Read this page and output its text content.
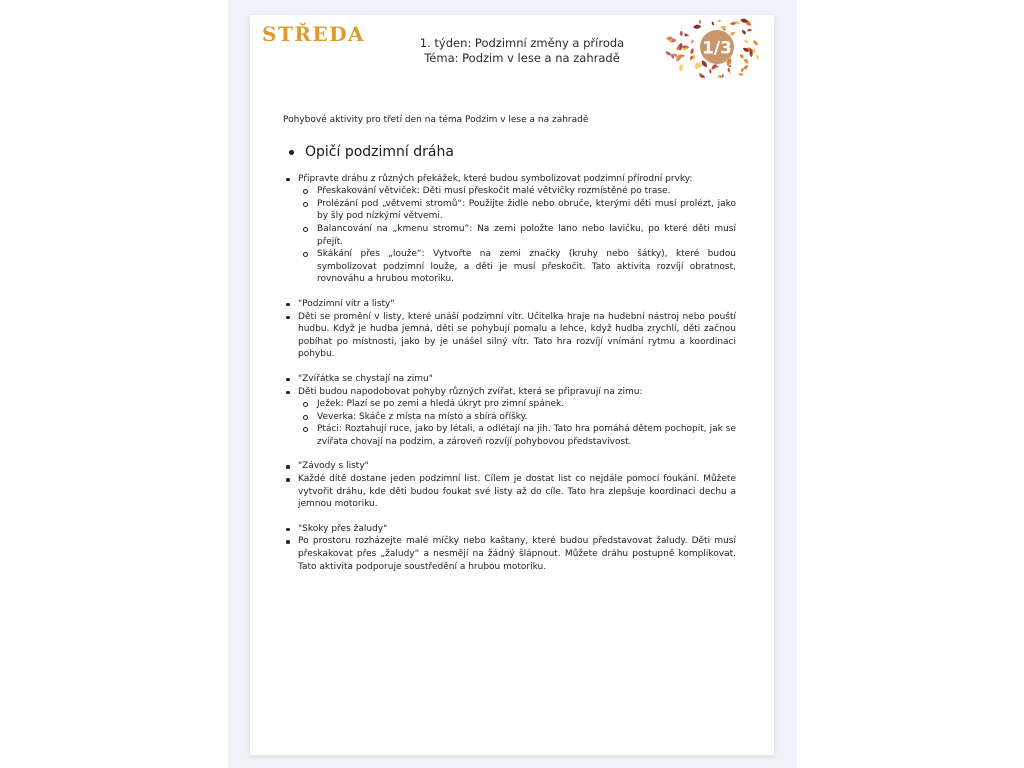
STŘEDA	1. týden: Podzimní změny a příroda
Téma: Podzim v lese a na zahradě	1/3

Pohybové aktivity pro třetí den na téma Podzim v lese a na zahradě

Opičí podzimní dráha
Připravte dráhu z různých překážek, které budou symbolizovat podzimní přírodní prvky:
Přeskakování větviček: Děti musí přeskočit malé větvičky rozmístěné po trase.
Prolézání pod „větvemi stromů“: Použijte židle nebo obruče, kterými děti musí prolézt, jako by šly pod nízkými větvemi.
Balancování na „kmenu stromu“: Na zemi položte lano nebo lavičku, po které děti musí přejít.
Skákání přes „louže“: Vytvořte na zemi značky (kruhy nebo šátky), které budou symbolizovat podzimní louže, a děti je musí přeskočit. Tato aktivita rozvíjí obratnost, rovnováhu a hrubou motoriku.
"Podzimní vítr a listy"
Děti se promění v listy, které unáší podzimní vítr. Učitelka hraje na hudební nástroj nebo pouští hudbu. Když je hudba jemná, děti se pohybují pomalu a lehce, když hudba zrychlí, děti začnou pobíhat po místnosti, jako by je unášel silný vítr. Tato hra rozvíjí vnímání rytmu a koordinaci pohybu.
"Zvířátka se chystají na zimu"
Děti budou napodobovat pohyby různých zvířat, která se připravují na zimu:
Ježek: Plazí se po zemi a hledá úkryt pro zimní spánek.
Veverka: Skáče z místa na místo a sbírá oříšky.
Ptáci: Roztahují ruce, jako by létali, a odlétají na jih. Tato hra pomáhá dětem pochopit, jak se zvířata chovají na podzim, a zároveň rozvíjí pohybovou představivost.
"Závody s listy"
Každé dítě dostane jeden podzimní list. Cílem je dostat list co nejdále pomocí foukání. Můžete vytvořit dráhu, kde děti budou foukat své listy až do cíle. Tato hra zlepšuje koordinaci dechu a jemnou motoriku.
"Skoky přes žaludy"
Po prostoru rozházejte malé míčky nebo kaštany, které budou představovat žaludy. Děti musí přeskakovat přes „žaludy“ a nesmějí na žádný šlápnout. Můžete dráhu postupně komplikovat. Tato aktivita podporuje soustředění a hrubou motoriku.
